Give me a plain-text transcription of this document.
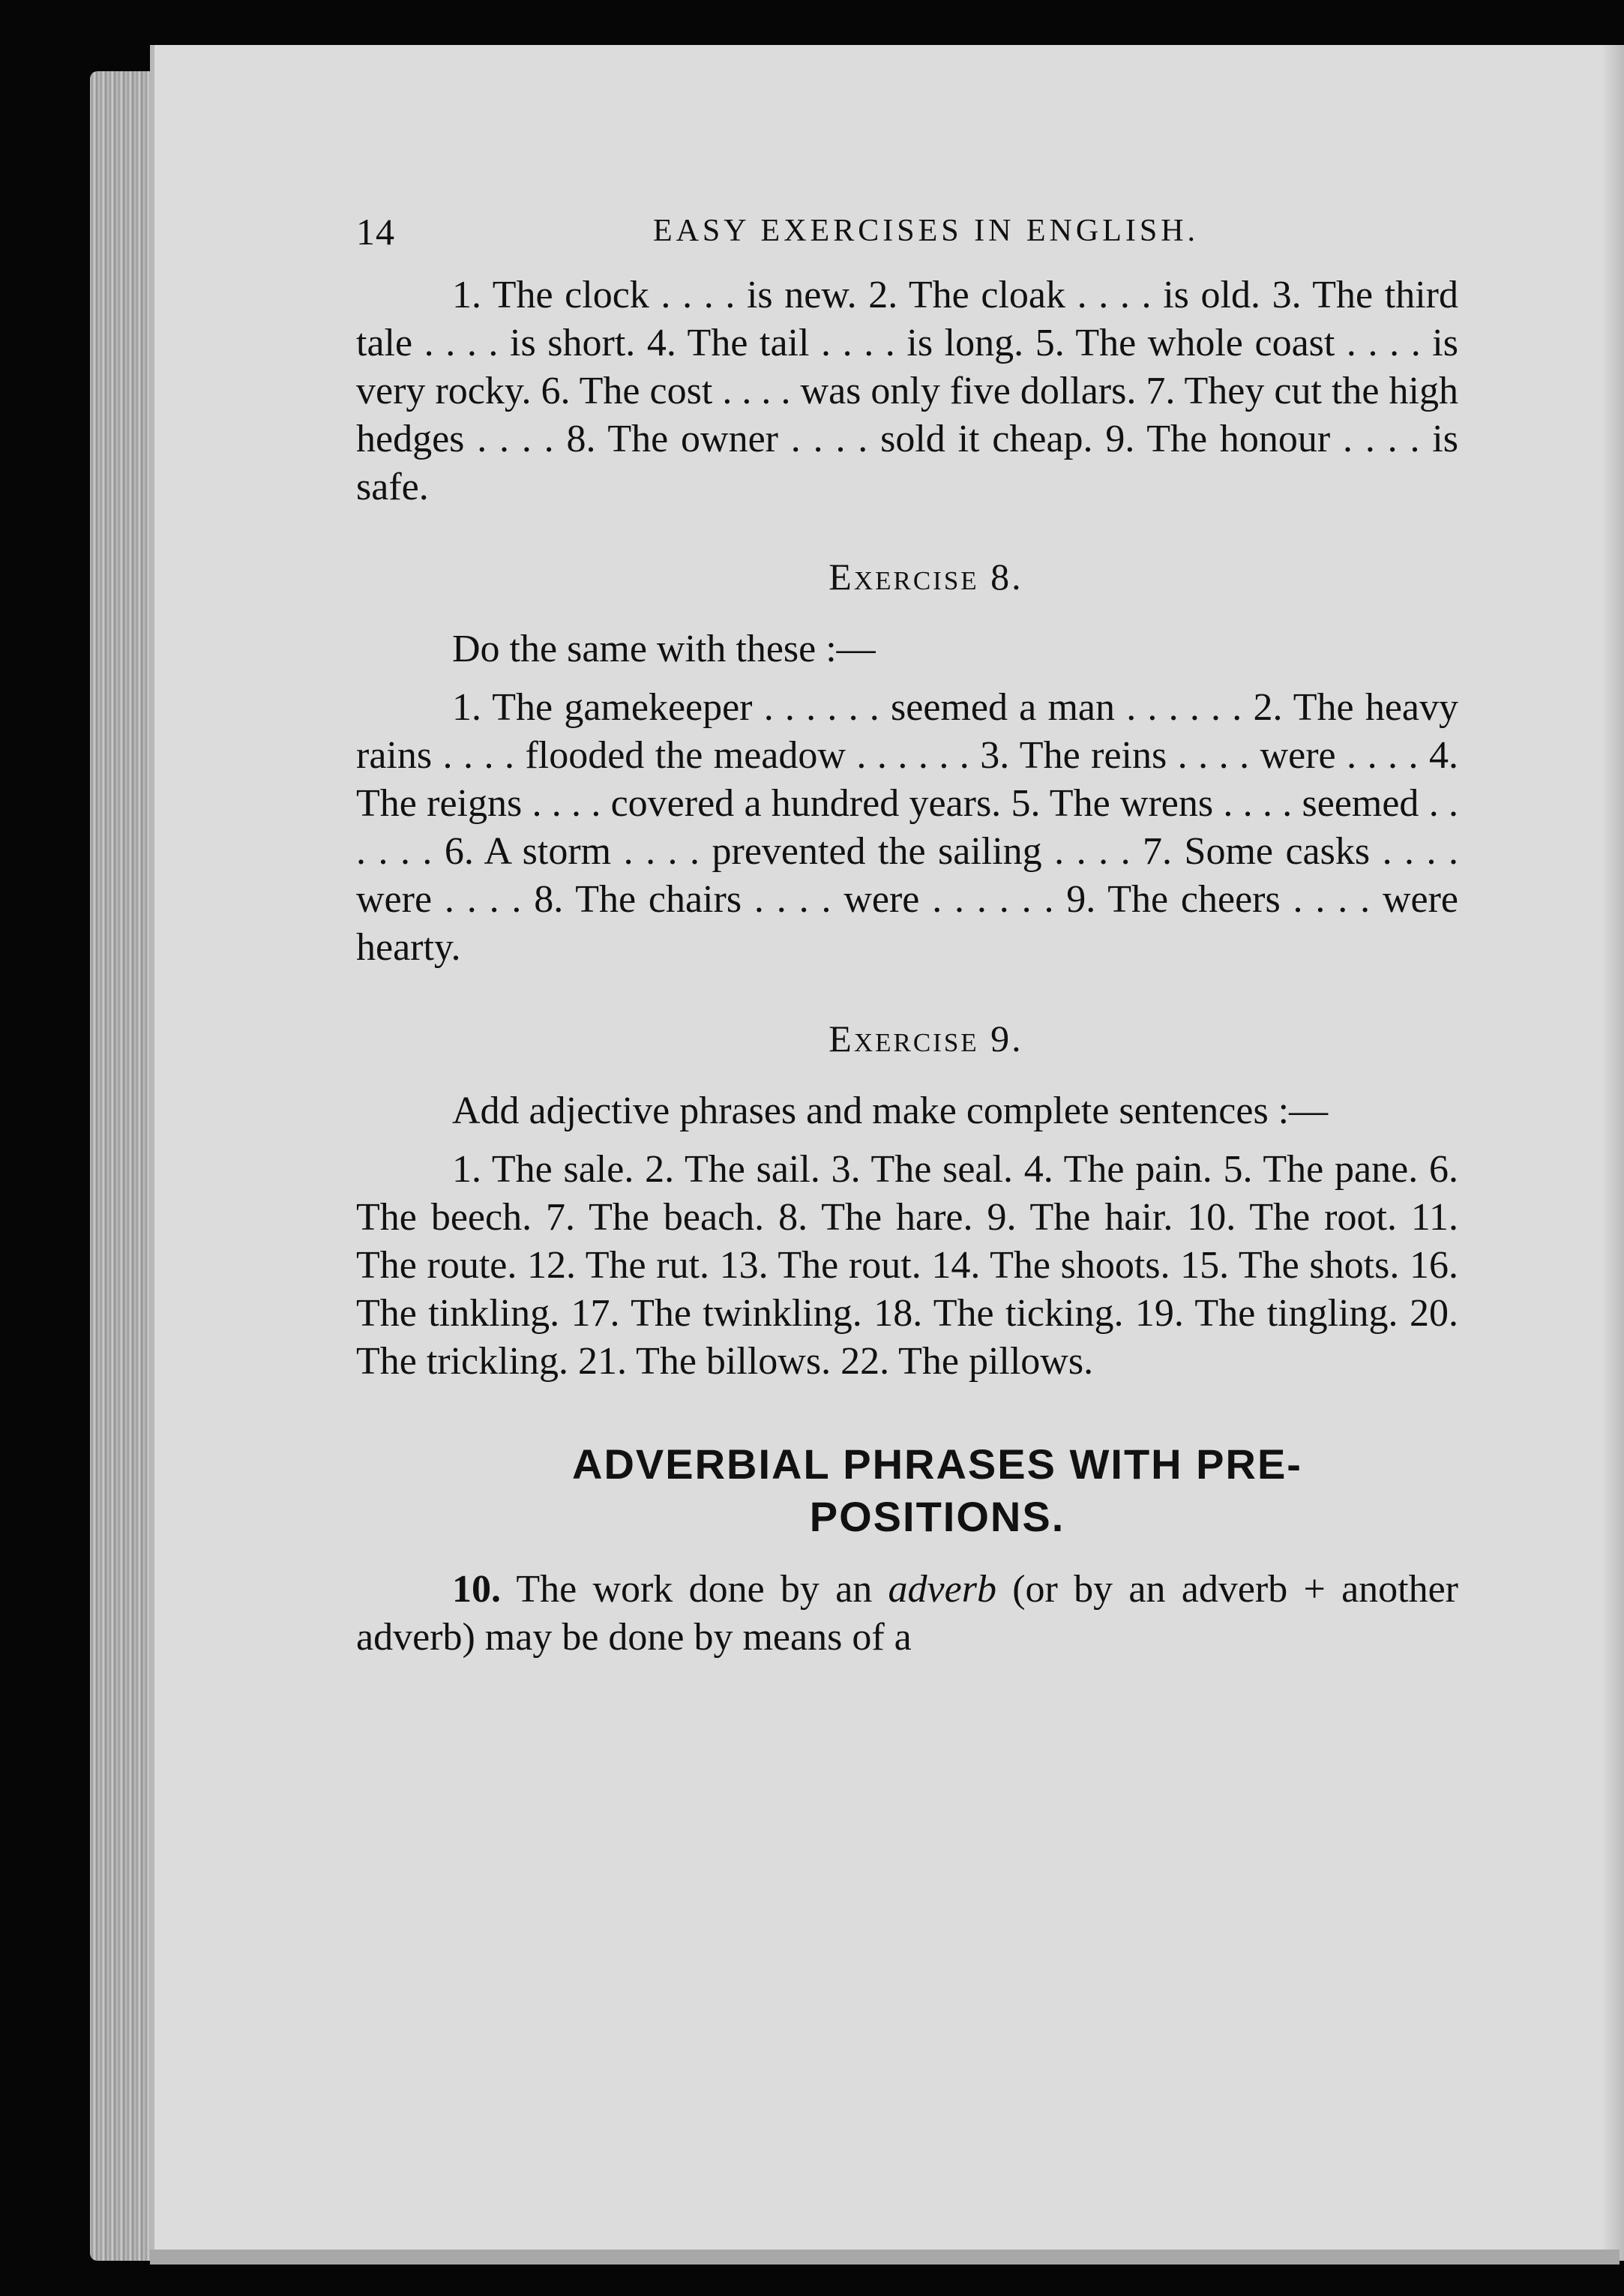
14	EASY EXERCISES IN ENGLISH.

1. The clock . . . . is new. 2. The cloak . . . . is old. 3. The third tale . . . . is short. 4. The tail . . . . is long. 5. The whole coast . . . . is very rocky. 6. The cost . . . . was only five dollars. 7. They cut the high hedges . . . . 8. The owner . . . . sold it cheap. 9. The honour . . . . is safe.

Exercise 8.

Do the same with these :—

1. The gamekeeper . . . . . . seemed a man . . . . . . 2. The heavy rains . . . . flooded the meadow . . . . . . 3. The reins . . . . were . . . . 4. The reigns . . . . covered a hundred years. 5. The wrens . . . . seemed . . . . . . 6. A storm . . . . prevented the sailing . . . . 7. Some casks . . . . were . . . . 8. The chairs . . . . were . . . . . . 9. The cheers . . . . were hearty.

Exercise 9.

Add adjective phrases and make complete sentences :—

1. The sale. 2. The sail. 3. The seal. 4. The pain. 5. The pane. 6. The beech. 7. The beach. 8. The hare. 9. The hair. 10. The root. 11. The route. 12. The rut. 13. The rout. 14. The shoots. 15. The shots. 16. The tinkling. 17. The twinkling. 18. The ticking. 19. The tingling. 20. The trickling. 21. The billows. 22. The pillows.

ADVERBIAL PHRASES WITH PRE-
POSITIONS.

10. The work done by an adverb (or by an adverb + another adverb) may be done by means of a
